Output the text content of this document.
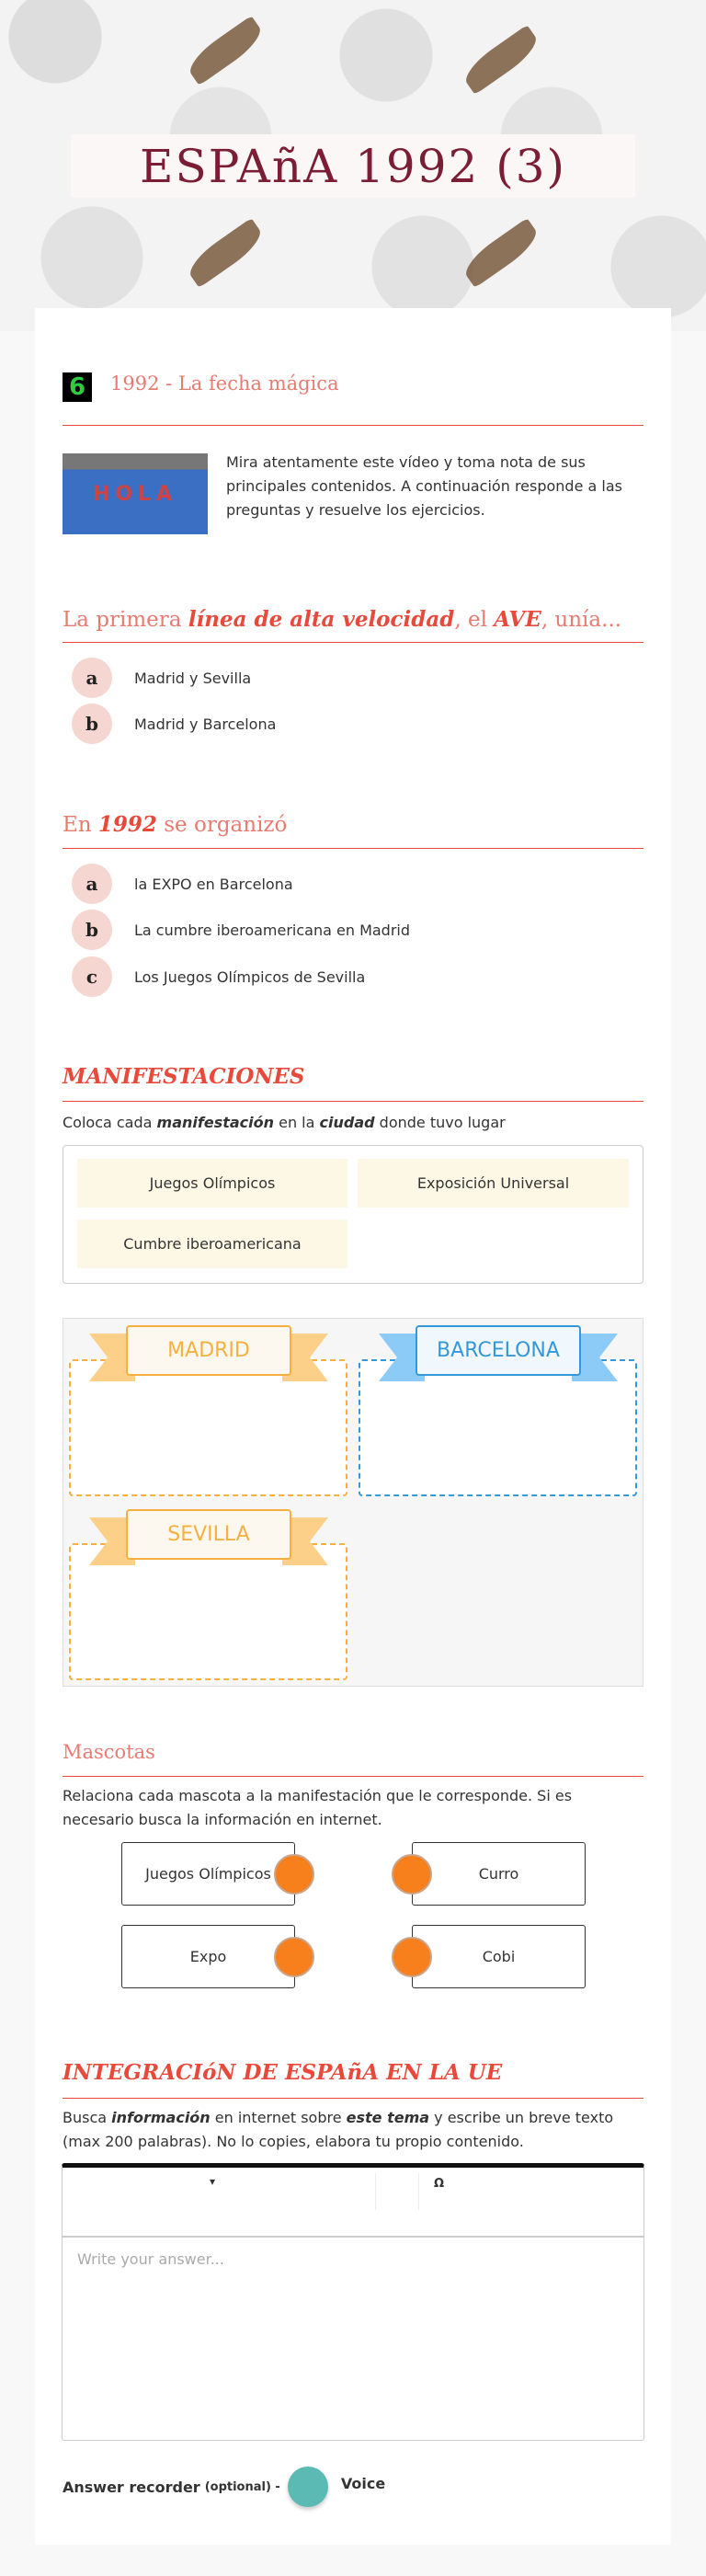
ESPAñA 1992 (3)
6	1992 - La fecha mágica
HOLA

Mira atentamente este vídeo y toma nota de sus principales contenidos. A continuación responde a las preguntas y resuelve los ejercicios.

La primera línea de alta velocidad, el AVE, unía...
a	Madrid y Sevilla
b	Madrid y Barcelona
En 1992 se organizó
a	la EXPO en Barcelona
b	La cumbre iberoamericana en Madrid
c	Los Juegos Olímpicos de Sevilla
MANIFESTACIONES

Coloca cada manifestación en la ciudad donde tuvo lugar

Juegos Olímpicos	Exposición Universal
Cumbre iberoamericana
MADRID	BARCELONA
SEVILLA
Mascotas

Relaciona cada mascota a la manifestación que le corresponde. Si es necesario busca la información en internet.

Juegos Olímpicos
Expo
Curro
Cobi
INTEGRACIóN DE ESPAñA EN LA UE

Busca información en internet sobre este tema y escribe un breve texto (max 200 palabras). No lo copies, elabora tu propio contenido.

▾	Ω
Write your answer...
Answer recorder (optional) -	Voice
